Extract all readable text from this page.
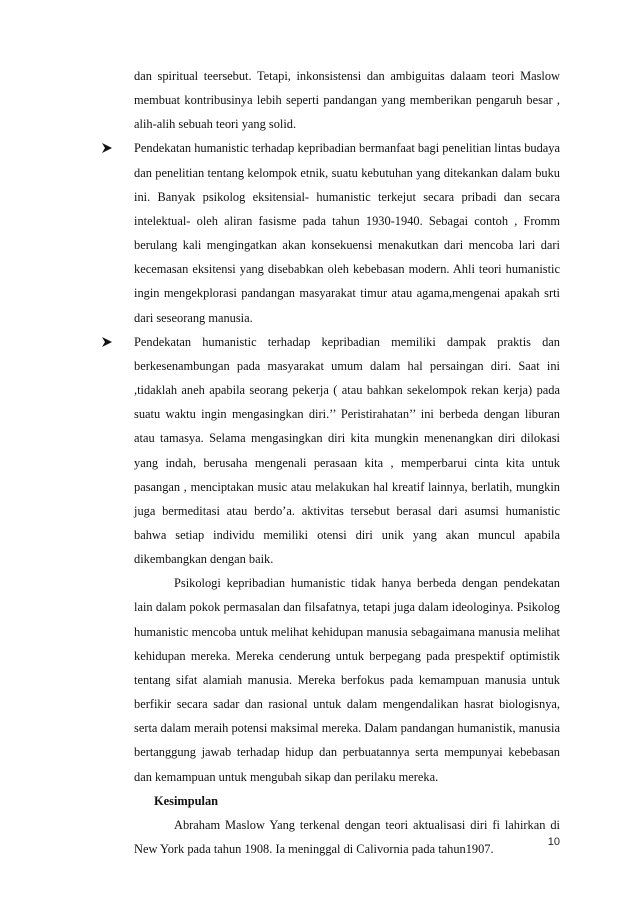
dan spiritual teersebut. Tetapi, inkonsistensi dan ambiguitas dalaam teori Maslow membuat kontribusinya lebih seperti pandangan yang memberikan pengaruh besar , alih-alih sebuah teori yang solid.

Pendekatan humanistic terhadap kepribadian bermanfaat bagi penelitian lintas budaya dan penelitian tentang kelompok etnik, suatu kebutuhan yang ditekankan dalam buku ini. Banyak psikolog eksitensial- humanistic terkejut secara pribadi dan secara intelektual- oleh aliran fasisme pada tahun 1930-1940. Sebagai contoh , Fromm berulang kali mengingatkan akan konsekuensi menakutkan dari mencoba lari dari kecemasan eksitensi yang disebabkan oleh kebebasan modern. Ahli teori humanistic ingin mengekplorasi pandangan masyarakat timur atau agama,mengenai apakah srti dari seseorang manusia.

Pendekatan humanistic terhadap kepribadian memiliki dampak praktis dan berkesenambungan pada masyarakat umum dalam hal persaingan diri. Saat ini ,tidaklah aneh apabila seorang pekerja ( atau bahkan sekelompok rekan kerja) pada suatu waktu ingin mengasingkan diri.’’ Peristirahatan’’ ini berbeda dengan liburan atau tamasya. Selama mengasingkan diri kita mungkin menenangkan diri dilokasi yang indah, berusaha mengenali perasaan kita , memperbarui cinta kita untuk pasangan , menciptakan music atau melakukan hal kreatif lainnya, berlatih, mungkin juga bermeditasi atau berdo’a. aktivitas tersebut berasal dari asumsi humanistic bahwa setiap individu memiliki otensi diri unik yang akan muncul apabila dikembangkan dengan baik.

Psikologi kepribadian humanistic tidak hanya berbeda dengan pendekatan lain dalam pokok permasalan dan filsafatnya, tetapi juga dalam ideologinya. Psikolog humanistic mencoba untuk melihat kehidupan manusia sebagaimana manusia melihat kehidupan mereka. Mereka cenderung untuk berpegang pada prespektif optimistik tentang sifat alamiah manusia. Mereka berfokus pada kemampuan manusia untuk berfikir secara sadar dan rasional untuk dalam mengendalikan hasrat biologisnya, serta dalam meraih potensi maksimal mereka. Dalam pandangan humanistik, manusia bertanggung jawab terhadap hidup dan perbuatannya serta mempunyai kebebasan dan kemampuan untuk mengubah sikap dan perilaku mereka.

Kesimpulan

Abraham Maslow Yang terkenal dengan teori aktualisasi diri fi lahirkan di New York pada tahun 1908. Ia meninggal di Calivornia pada tahun1907.	10
